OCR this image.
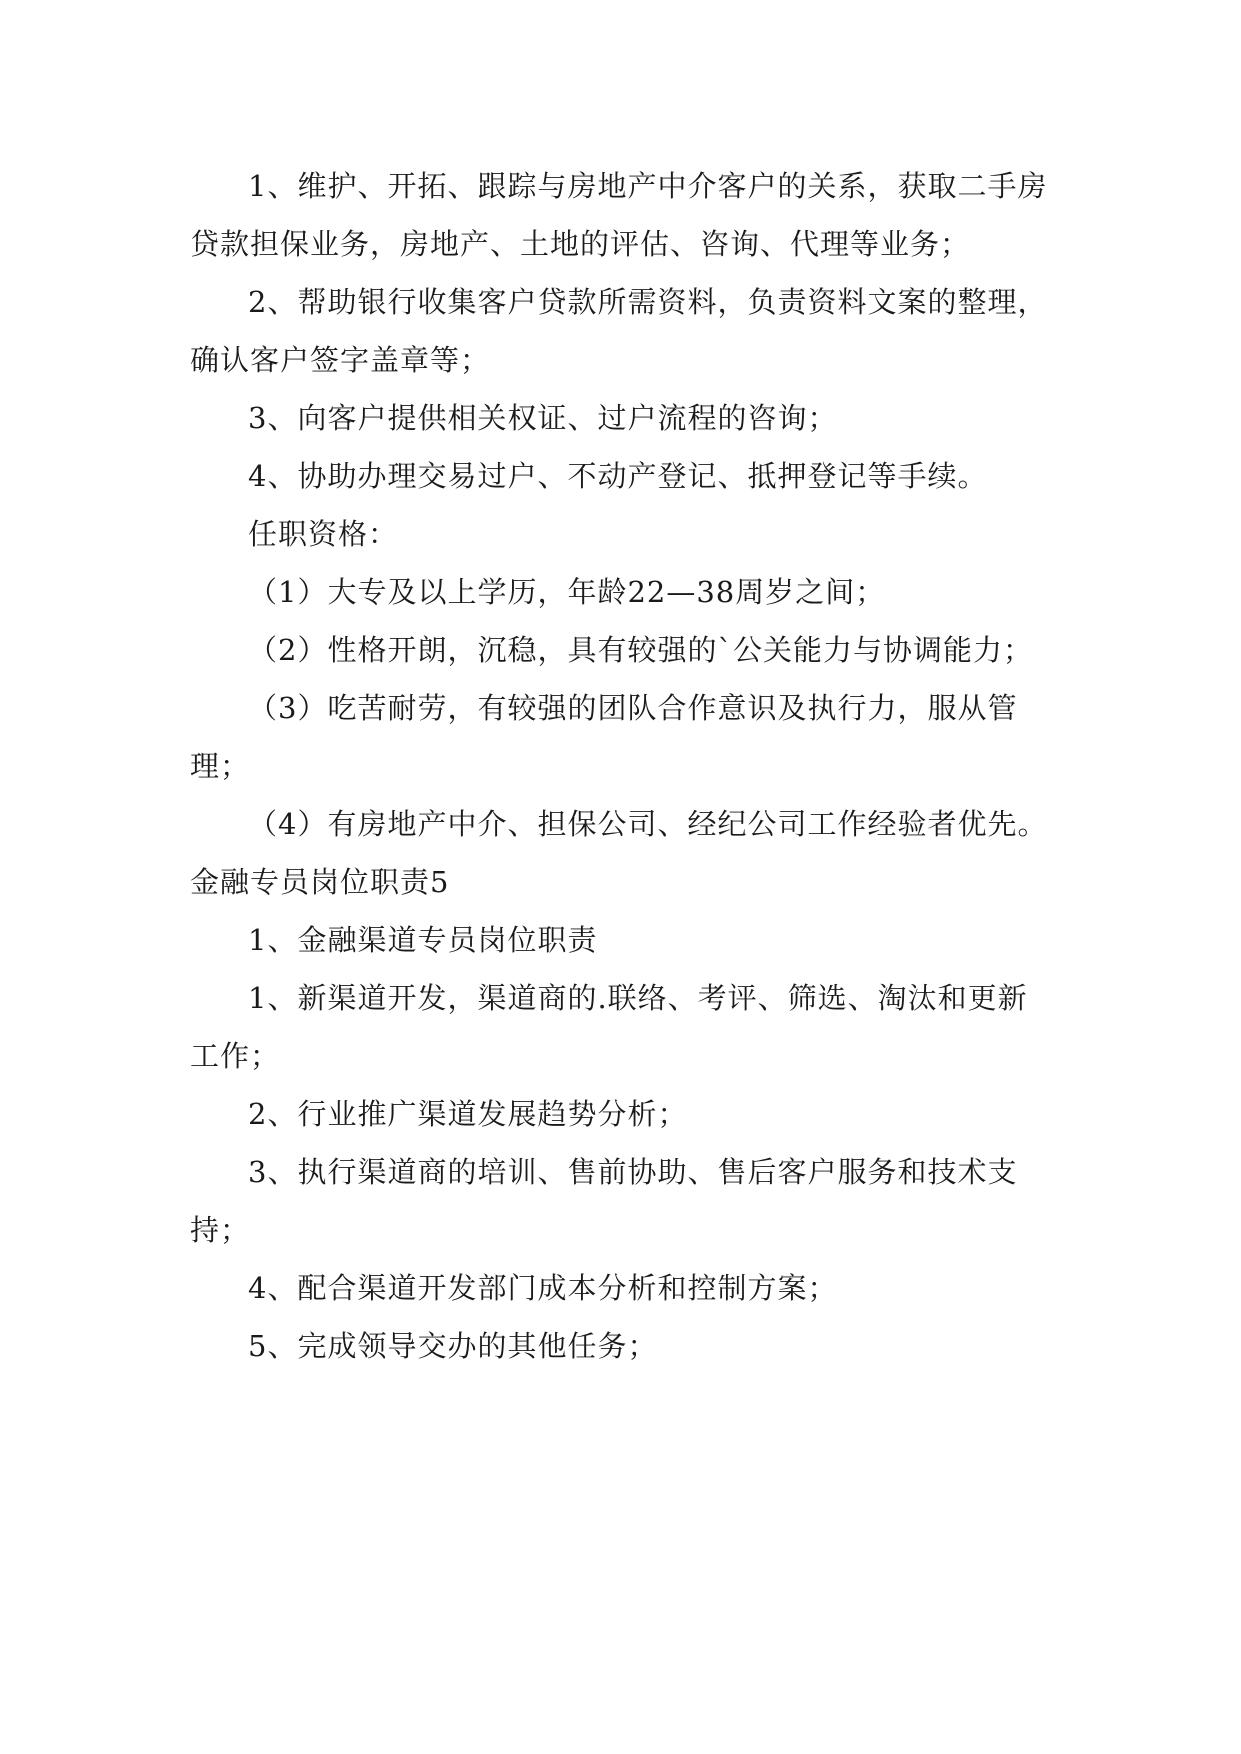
1、维护、开拓、跟踪与房地产中介客户的关系，获取二手房贷款担保业务，房地产、土地的评估、咨询、代理等业务；

2、帮助银行收集客户贷款所需资料，负责资料文案的整理，确认客户签字盖章等；

3、向客户提供相关权证、过户流程的咨询；

4、协助办理交易过户、不动产登记、抵押登记等手续。

任职资格：

（1）大专及以上学历，年龄22—38周岁之间；

（2）性格开朗，沉稳，具有较强的`公关能力与协调能力；

（3）吃苦耐劳，有较强的团队合作意识及执行力，服从管理；

（4）有房地产中介、担保公司、经纪公司工作经验者优先。

金融专员岗位职责5

1、金融渠道专员岗位职责

1、新渠道开发，渠道商的.联络、考评、筛选、淘汰和更新工作；

2、行业推广渠道发展趋势分析；

3、执行渠道商的培训、售前协助、售后客户服务和技术支持；

4、配合渠道开发部门成本分析和控制方案；

5、完成领导交办的其他任务；
